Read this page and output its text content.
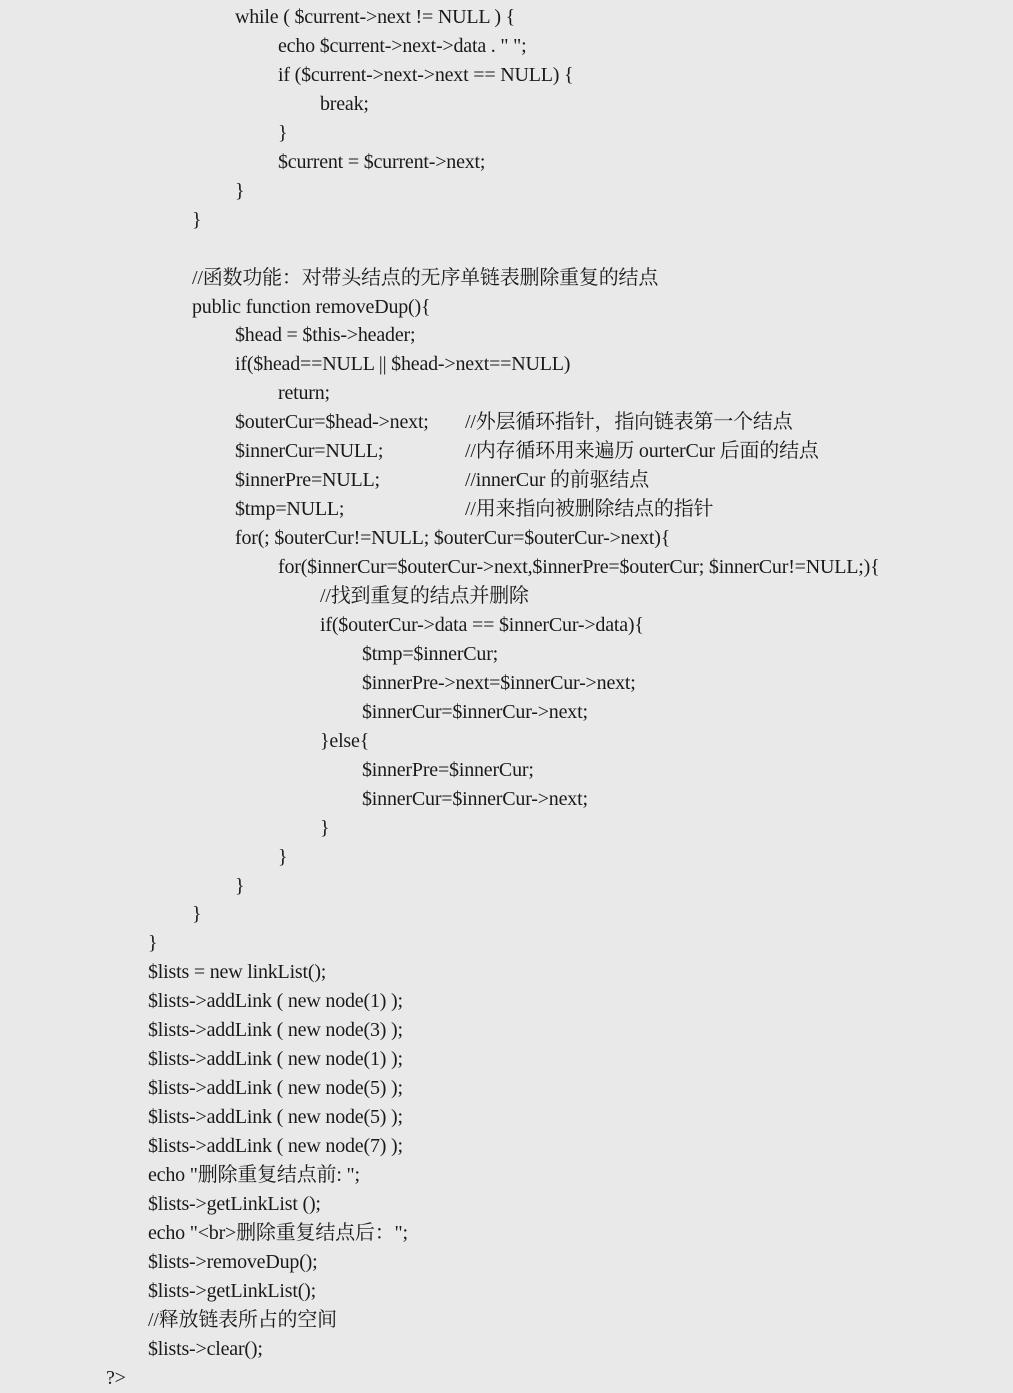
while ( $current->next != NULL ) {
echo $current->next->data . " ";
if ($current->next->next == NULL) {
break;
}
$current = $current->next;
}
}
//函数功能：对带头结点的无序单链表删除重复的结点
public function removeDup(){
$head = $this->header;
if($head==NULL || $head->next==NULL)
return;
$outerCur=$head->next; //外层循环指针，指向链表第一个结点
$innerCur=NULL;	//内存循环用来遍历 ourterCur 后面的结点
$innerPre=NULL;	//innerCur 的前驱结点
$tmp=NULL;	//用来指向被删除结点的指针
for(; $outerCur!=NULL; $outerCur=$outerCur->next){
for($innerCur=$outerCur->next,$innerPre=$outerCur; $innerCur!=NULL;){
//找到重复的结点并删除
if($outerCur->data == $innerCur->data){
$tmp=$innerCur;
$innerPre->next=$innerCur->next;
$innerCur=$innerCur->next;
}else{
$innerPre=$innerCur;
$innerCur=$innerCur->next;
}
}
}
}
}
$lists = new linkList();
$lists->addLink ( new node(1) );
$lists->addLink ( new node(3) );
$lists->addLink ( new node(1) );
$lists->addLink ( new node(5) );
$lists->addLink ( new node(5) );
$lists->addLink ( new node(7) );
echo "删除重复结点前: ";
$lists->getLinkList ();
echo "<br>删除重复结点后：";
$lists->removeDup();
$lists->getLinkList();
//释放链表所占的空间
$lists->clear();
?>
